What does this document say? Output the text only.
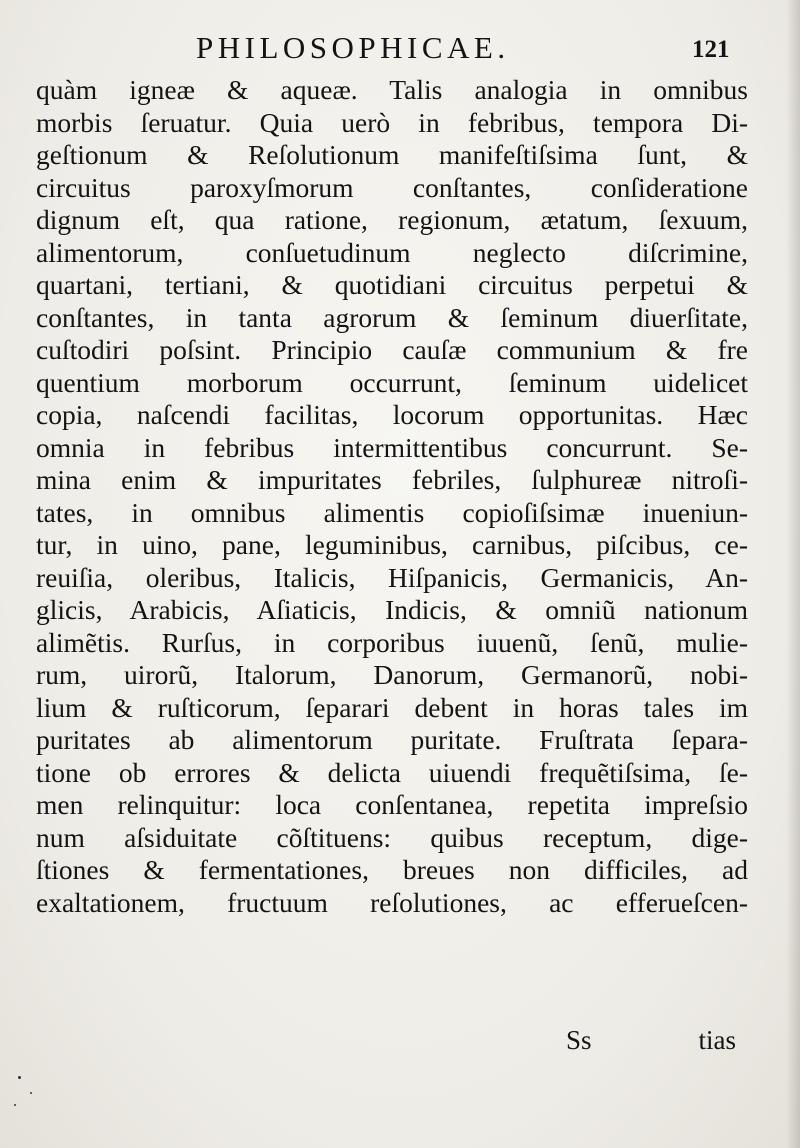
PHILOSOPHICAE.	121
quàm igneæ & aqueæ. Talis analogia in omnibus
morbis ſeruatur. Quia uerò in febribus, tempora Di-
geſtionum & Reſolutionum manifeſtiſsima ſunt, &
circuitus paroxyſmorum conſtantes, conſideratione
dignum eſt, qua ratione, regionum, ætatum, ſexuum,
alimentorum, conſuetudinum neglecto diſcrimine,
quartani, tertiani, & quotidiani circuitus perpetui &
conſtantes, in tanta agrorum & ſeminum diuerſitate,
cuſtodiri poſsint. Principio cauſæ communium & fre
quentium morborum occurrunt, ſeminum uidelicet
copia, naſcendi facilitas, locorum opportunitas. Hæc
omnia in febribus intermittentibus concurrunt. Se-
mina enim & impuritates febriles, ſulphureæ nitroſi-
tates, in omnibus alimentis copioſiſsimæ inueniun-
tur, in uino, pane, leguminibus, carnibus, piſcibus, ce-
reuiſia, oleribus, Italicis, Hiſpanicis, Germanicis, An-
glicis, Arabicis, Aſiaticis, Indicis, & omniũ nationum
alimẽtis. Rurſus, in corporibus iuuenũ, ſenũ, mulie-
rum, uirorũ, Italorum, Danorum, Germanorũ, nobi-
lium & ruſticorum, ſeparari debent in horas tales im
puritates ab alimentorum puritate. Fruſtrata ſepara-
tione ob errores & delicta uiuendi frequẽtiſsima, ſe-
men relinquitur: loca conſentanea, repetita impreſsio
num aſsiduitate cõſtituens: quibus receptum, dige-
ſtiones & fermentationes, breues non difficiles, ad
exaltationem, fructuum reſolutiones, ac efferueſcen-
Ss	tias
